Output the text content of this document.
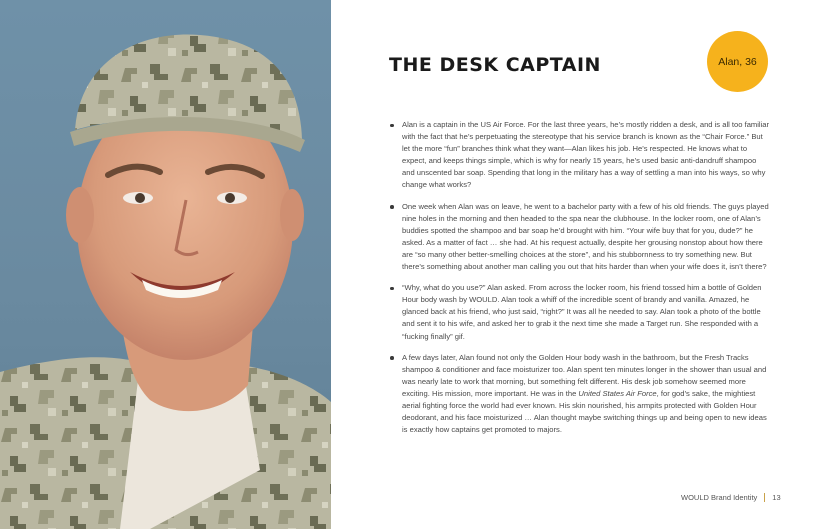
THE DESK CAPTAIN	Alan, 36
Alan is a captain in the US Air Force. For the last three years, he’s mostly ridden a desk, and is all too familiar with the fact that he’s perpetuating the stereotype that his service branch is known as the “Chair Force.” But let the more “fun” branches think what they want—Alan likes his job. He’s respected. He knows what to expect, and keeps things simple, which is why for nearly 15 years, he’s used basic anti-dandruff shampoo and unscented bar soap. Spending that long in the military has a way of settling a man into his ways, so why change what works?
One week when Alan was on leave, he went to a bachelor party with a few of his old friends. The guys played nine holes in the morning and then headed to the spa near the clubhouse. In the locker room, one of Alan’s buddies spotted the shampoo and bar soap he’d brought with him. “Your wife buy that for you, dude?” he asked. As a matter of fact … she had. At his request actually, despite her grousing nonstop about how there are “so many other better-smelling choices at the store”, and his stubbornness to try something new. But there’s something about another man calling you out that hits harder than when your wife does it, isn’t there?
“Why, what do you use?” Alan asked. From across the locker room, his friend tossed him a bottle of Golden Hour body wash by WOULD. Alan took a whiff of the incredible scent of brandy and vanilla. Amazed, he glanced back at his friend, who just said, “right?” It was all he needed to say. Alan took a photo of the bottle and sent it to his wife, and asked her to grab it the next time she made a Target run. She responded with a “fucking finally” gif.
A few days later, Alan found not only the Golden Hour body wash in the bathroom, but the Fresh Tracks shampoo & conditioner and face moisturizer too. Alan spent ten minutes longer in the shower than usual and was nearly late to work that morning, but something felt different. His desk job somehow seemed more exciting. His mission, more important. He was in the United States Air Force, for god’s sake, the mightiest aerial fighting force the world had ever known. His skin nourished, his armpits protected with Golden Hour deodorant, and his face moisturized … Alan thought maybe switching things up and being open to new ideas is exactly how captains get promoted to majors.
WOULD Brand Identity 13
